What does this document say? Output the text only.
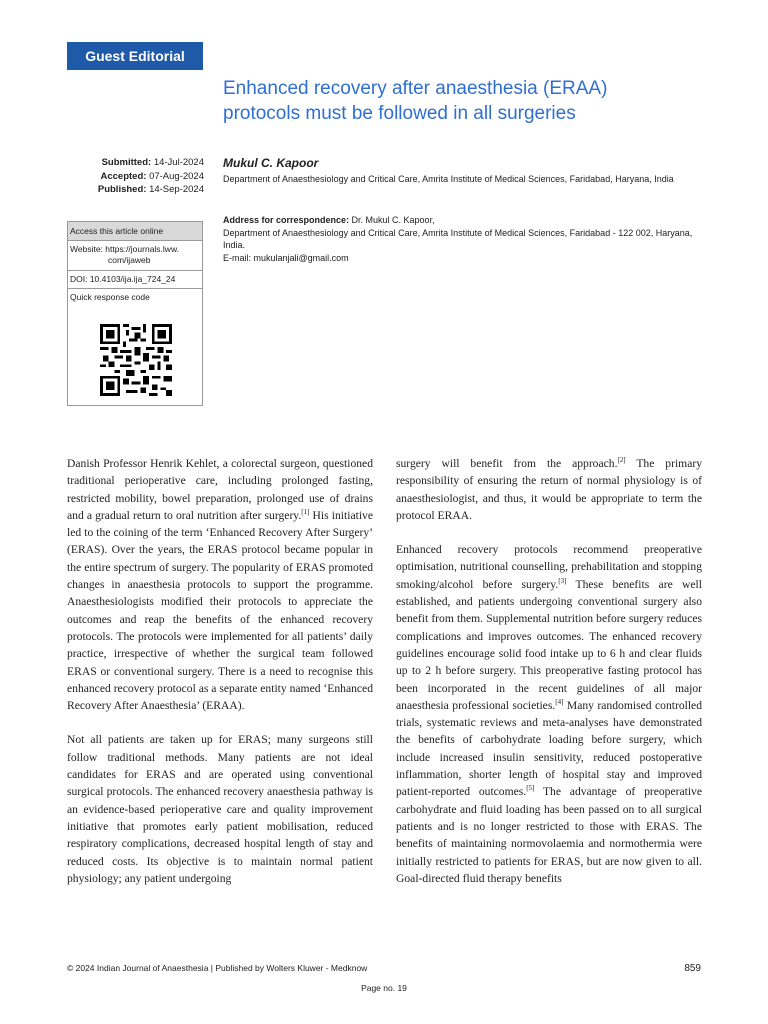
Guest Editorial
Enhanced recovery after anaesthesia (ERAA)
protocols must be followed in all surgeries
Submitted: 14-Jul-2024
Accepted: 07-Aug-2024
Published: 14-Sep-2024
Mukul C. Kapoor
Department of Anaesthesiology and Critical Care, Amrita Institute of Medical Sciences, Faridabad, Haryana, India
Address for correspondence: Dr. Mukul C. Kapoor,
Department of Anaesthesiology and Critical Care, Amrita Institute of Medical Sciences, Faridabad - 122 002, Haryana, India.
E-mail: mukulanjali@gmail.com
Access this article online
Website: https://journals.lww.
com/ijaweb
DOI: 10.4103/ija.ija_724_24
Quick response code

Danish Professor Henrik Kehlet, a colorectal surgeon, questioned traditional perioperative care, including prolonged fasting, restricted mobility, bowel preparation, prolonged use of drains and a gradual return to oral nutrition after surgery.[1] His initiative led to the coining of the term ‘Enhanced Recovery After Surgery’ (ERAS). Over the years, the ERAS protocol became popular in the entire spectrum of surgery. The popularity of ERAS promoted changes in anaesthesia protocols to support the programme. Anaesthesiologists modified their protocols to appreciate the outcomes and reap the benefits of the enhanced recovery protocols. The protocols were implemented for all patients’ daily practice, irrespective of whether the surgical team followed ERAS or conventional surgery. There is a need to recognise this enhanced recovery protocol as a separate entity named ‘Enhanced Recovery After Anaesthesia’ (ERAA).

Not all patients are taken up for ERAS; many surgeons still follow traditional methods. Many patients are not ideal candidates for ERAS and are operated using conventional surgical protocols. The enhanced recovery anaesthesia pathway is an evidence-based perioperative care and quality improvement initiative that promotes early patient mobilisation, reduced respiratory complications, decreased hospital length of stay and reduced costs. Its objective is to maintain normal patient physiology; any patient undergoing

surgery will benefit from the approach.[2] The primary responsibility of ensuring the return of normal physiology is of anaesthesiologist, and thus, it would be appropriate to term the protocol ERAA.

Enhanced recovery protocols recommend preoperative optimisation, nutritional counselling, prehabilitation and stopping smoking/alcohol before surgery.[3] These benefits are well established, and patients undergoing conventional surgery also benefit from them. Supplemental nutrition before surgery reduces complications and improves outcomes. The enhanced recovery guidelines encourage solid food intake up to 6 h and clear fluids up to 2 h before surgery. This preoperative fasting protocol has been incorporated in the recent guidelines of all major anaesthesia professional societies.[4] Many randomised controlled trials, systematic reviews and meta-analyses have demonstrated the benefits of carbohydrate loading before surgery, which include increased insulin sensitivity, reduced postoperative inflammation, shorter length of hospital stay and improved patient-reported outcomes.[5] The advantage of preoperative carbohydrate and fluid loading has been passed on to all surgical patients and is no longer restricted to those with ERAS. The benefits of maintaining normovolaemia and normothermia were initially restricted to patients for ERAS, but are now given to all. Goal-directed fluid therapy benefits

© 2024 Indian Journal of Anaesthesia | Published by Wolters Kluwer - Medknow	859
Page no. 19
